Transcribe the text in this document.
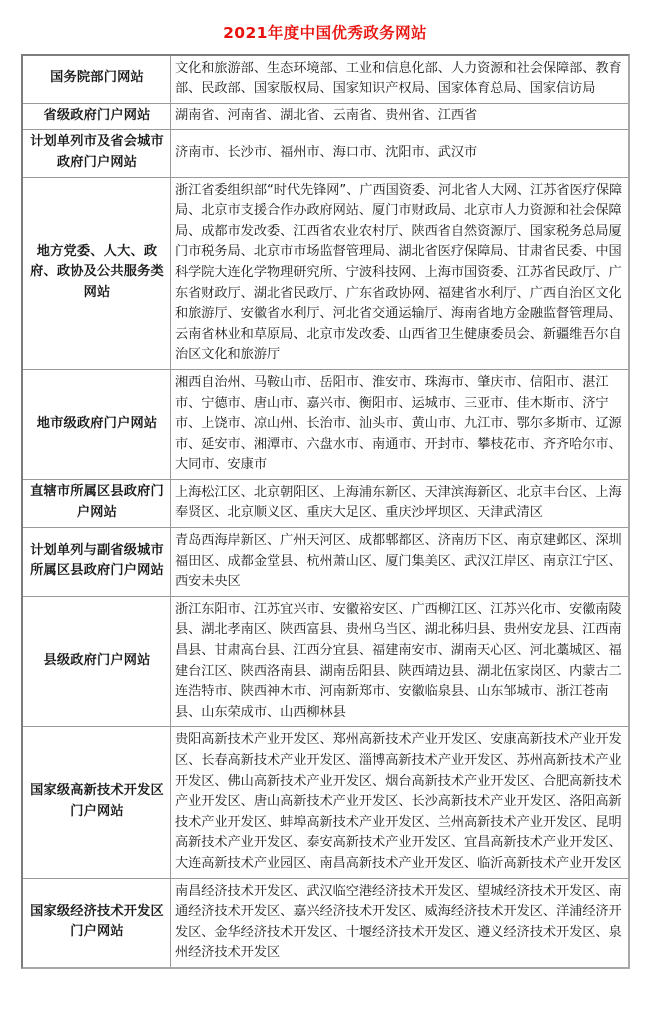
2021年度中国优秀政务网站
国务院部门网站	文化和旅游部、生态环境部、工业和信息化部、人力资源和社会保障部、教育部、民政部、国家版权局、国家知识产权局、国家体育总局、国家信访局
省级政府门户网站	湖南省、河南省、湖北省、云南省、贵州省、江西省
计划单列市及省会城市政府门户网站	济南市、长沙市、福州市、海口市、沈阳市、武汉市
地方党委、人大、政府、政协及公共服务类网站	浙江省委组织部“时代先锋网”、广西国资委、河北省人大网、江苏省医疗保障局、北京市支援合作办政府网站、厦门市财政局、北京市人力资源和社会保障局、成都市发改委、江西省农业农村厅、陕西省自然资源厅、国家税务总局厦门市税务局、北京市市场监督管理局、湖北省医疗保障局、甘肃省民委、中国科学院大连化学物理研究所、宁波科技网、上海市国资委、江苏省民政厅、广东省财政厅、湖北省民政厅、广东省政协网、福建省水利厅、广西自治区文化和旅游厅、安徽省水利厅、河北省交通运输厅、海南省地方金融监督管理局、云南省林业和草原局、北京市发改委、山西省卫生健康委员会、新疆维吾尔自治区文化和旅游厅
地市级政府门户网站	湘西自治州、马鞍山市、岳阳市、淮安市、珠海市、肇庆市、信阳市、湛江市、宁德市、唐山市、嘉兴市、衡阳市、运城市、三亚市、佳木斯市、济宁市、上饶市、凉山州、长治市、汕头市、黄山市、九江市、鄂尔多斯市、辽源市、延安市、湘潭市、六盘水市、南通市、开封市、攀枝花市、齐齐哈尔市、大同市、安康市
直辖市所属区县政府门户网站	上海松江区、北京朝阳区、上海浦东新区、天津滨海新区、北京丰台区、上海奉贤区、北京顺义区、重庆大足区、重庆沙坪坝区、天津武清区
计划单列与副省级城市所属区县政府门户网站	青岛西海岸新区、广州天河区、成都郫都区、济南历下区、南京建邺区、深圳福田区、成都金堂县、杭州萧山区、厦门集美区、武汉江岸区、南京江宁区、西安未央区
县级政府门户网站	浙江东阳市、江苏宜兴市、安徽裕安区、广西柳江区、江苏兴化市、安徽南陵县、湖北孝南区、陕西富县、贵州乌当区、湖北秭归县、贵州安龙县、江西南昌县、甘肃高台县、江西分宜县、福建南安市、湖南天心区、河北藁城区、福建台江区、陕西洛南县、湖南岳阳县、陕西靖边县、湖北伍家岗区、内蒙古二连浩特市、陕西神木市、河南新郑市、安徽临泉县、山东邹城市、浙江苍南县、山东荣成市、山西柳林县
国家级高新技术开发区门户网站	贵阳高新技术产业开发区、郑州高新技术产业开发区、安康高新技术产业开发区、长春高新技术产业开发区、淄博高新技术产业开发区、苏州高新技术产业开发区、佛山高新技术产业开发区、烟台高新技术产业开发区、合肥高新技术产业开发区、唐山高新技术产业开发区、长沙高新技术产业开发区、洛阳高新技术产业开发区、蚌埠高新技术产业开发区、兰州高新技术产业开发区、昆明高新技术产业开发区、泰安高新技术产业开发区、宜昌高新技术产业开发区、大连高新技术产业园区、南昌高新技术产业开发区、临沂高新技术产业开发区
国家级经济技术开发区门户网站	南昌经济技术开发区、武汉临空港经济技术开发区、望城经济技术开发区、南通经济技术开发区、嘉兴经济技术开发区、威海经济技术开发区、洋浦经济开发区、金华经济技术开发区、十堰经济技术开发区、遵义经济技术开发区、泉州经济技术开发区
